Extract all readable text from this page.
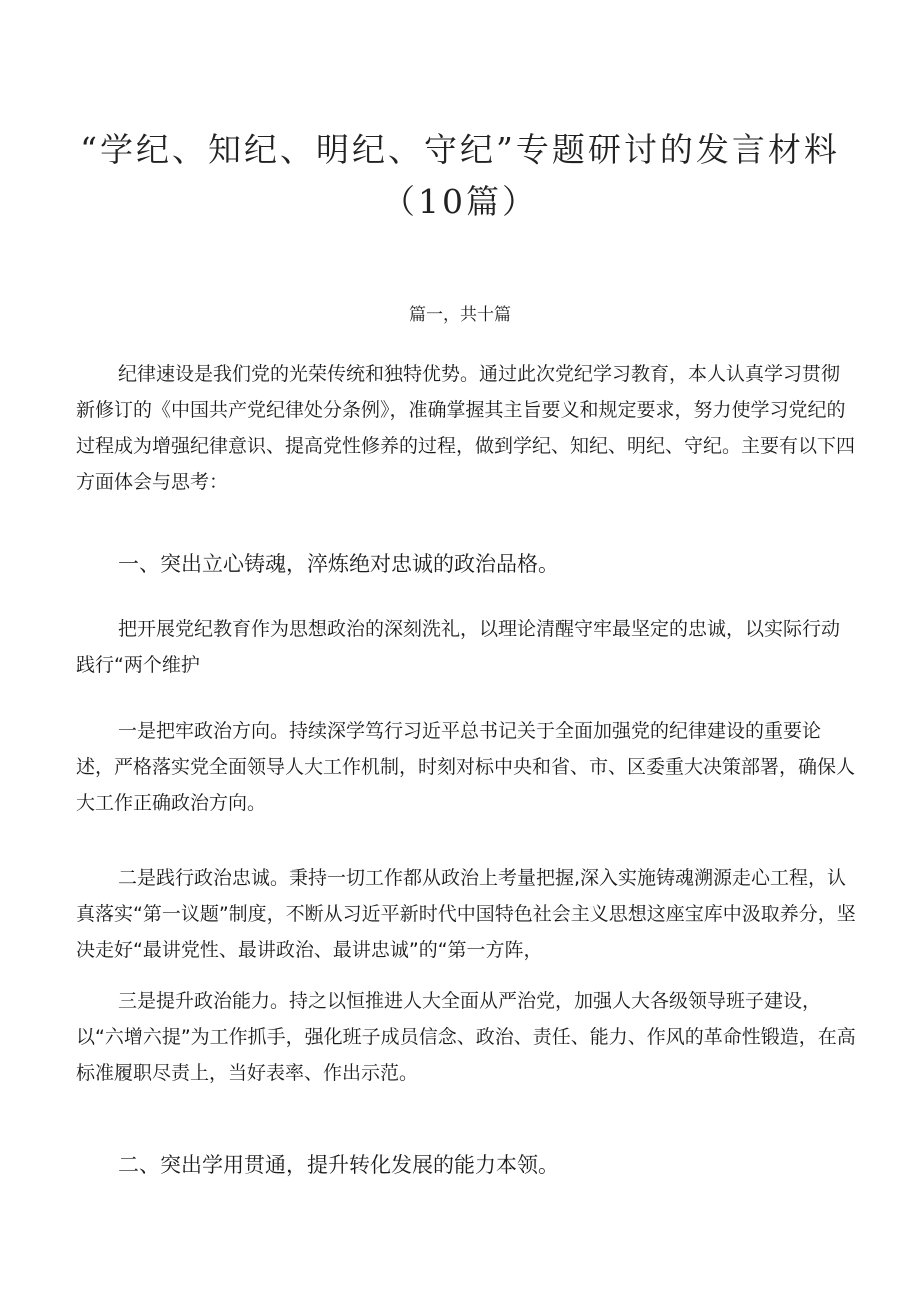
“学纪、知纪、明纪、守纪”专题研讨的发言材料
（10篇）
篇一，共十篇

纪律速设是我们党的光荣传统和独特优势。通过此次党纪学习教育，本人认真学习贯彻新修订的《中国共产党纪律处分条例》，准确掌握其主旨要义和规定要求，努力使学习党纪的过程成为增强纪律意识、提高党性修养的过程，做到学纪、知纪、明纪、守纪。主要有以下四方面体会与思考：

一、突出立心铸魂，淬炼绝对忠诚的政治品格。

把开展党纪教育作为思想政治的深刻洗礼，以理论清醒守牢最坚定的忠诚，以实际行动践行“两个维护

一是把牢政治方向。持续深学笃行习近平总书记关于全面加强党的纪律建设的重要论述，严格落实党全面领导人大工作机制，时刻对标中央和省、市、区委重大决策部署，确保人大工作正确政治方向。

二是践行政治忠诚。秉持一切工作都从政治上考量把握,深入实施铸魂溯源走心工程，认真落实“第一议题”制度，不断从习近平新时代中国特色社会主义思想这座宝库中汲取养分，坚决走好“最讲党性、最讲政治、最讲忠诚”的“第一方阵，

三是提升政治能力。持之以恒推进人大全面从严治党，加强人大各级领导班子建设，以“六增六提”为工作抓手，强化班子成员信念、政治、责任、能力、作风的革命性锻造，在高标准履职尽责上，当好表率、作出示范。

二、突出学用贯通，提升转化发展的能力本领。
